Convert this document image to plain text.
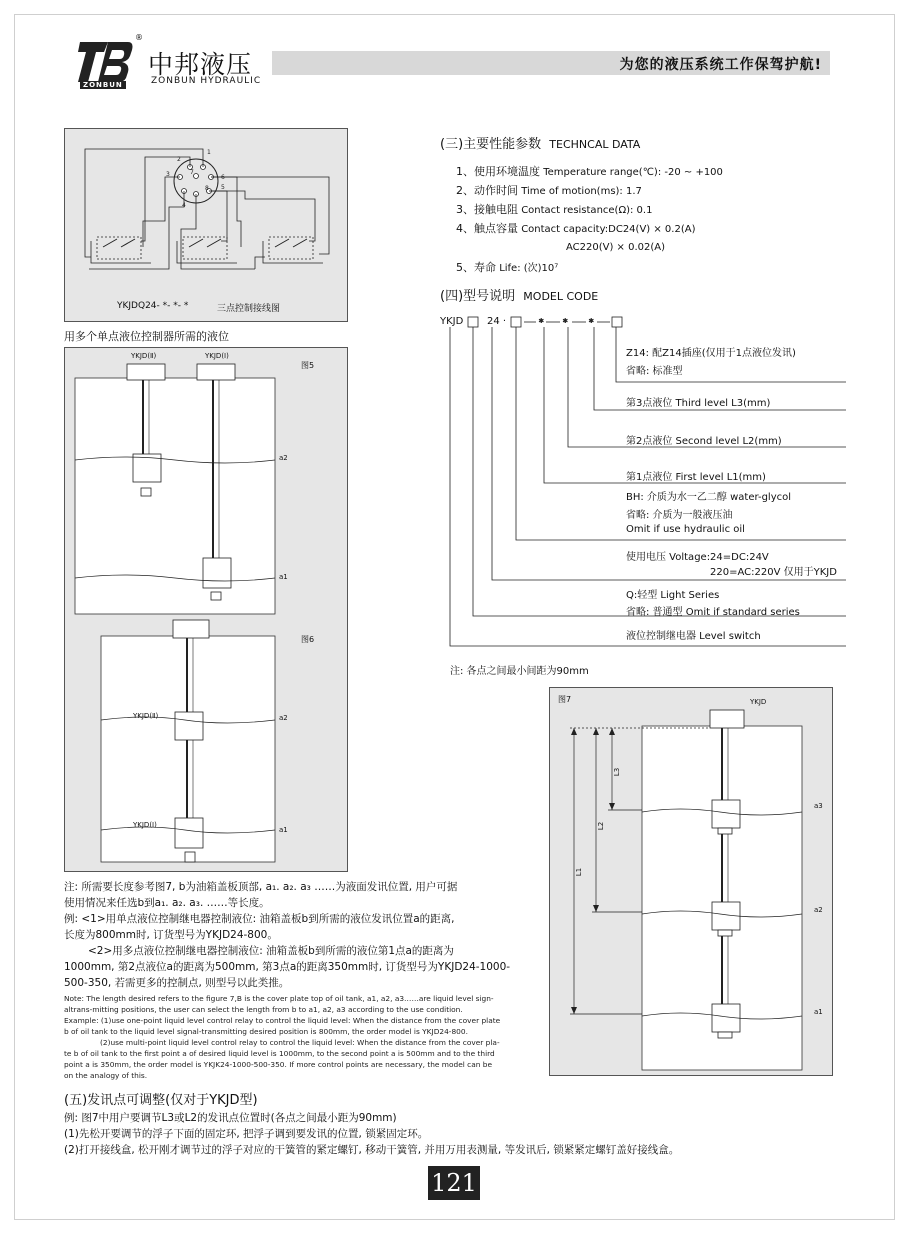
®
ZONBUN
中邦液压
ZONBUN HYDRAULIC
为您的液压系统工作保驾护航!
1
2
3
4
5
6
7
8
YKJDQ24- *- *- *	三点控制接线图
用多个单点液位控制器所需的液位
YKJD(Ⅱ)	YKJD(Ⅰ)
图5
a2
a1
图6
YKJD(Ⅱ)	a2
YKJD(Ⅰ)
a1
(三)主要性能参数 TECHNCAL DATA
1、使用环境温度 Temperature range(℃): -20 ~ +100
2、动作时间 Time of motion(ms): 1.7
3、接触电阻 Contact resistance(Ω): 0.1
4、触点容量 Contact capacity:DC24(V) × 0.2(A)
AC220(V) × 0.02(A)
5、寿命 Life: (次)10⁷
(四)型号说明 MODEL CODE
YKJD 24 ·	* * *
Z14: 配Z14插座(仅用于1点液位发讯)
省略: 标准型
第3点液位 Third level L3(mm)
第2点液位 Second level L2(mm)
第1点液位 First level L1(mm)
BH: 介质为水一乙二醇 water-glycol
省略: 介质为一般液压油
Omit if use hydraulic oil
使用电压 Voltage:24=DC:24V
220=AC:220V 仅用于YKJD
Q:轻型 Light Series
省略: 普通型 Omit if standard series
液位控制继电器 Level switch
注: 各点之间最小间距为90mm
图7	YKJD
L3
L2
L1
a3
a2
a1
注: 所需要长度参考图7, b为油箱盖板顶部, a₁. a₂. a₃ ……为液面发讯位置, 用户可据
使用情况来任选b到a₁. a₂. a₃. ……等长度。
例: <1>用单点液位控制继电器控制液位: 油箱盖板b到所需的液位发讯位置a的距离,
长度为800mm时, 订货型号为YKJD24-800。
<2>用多点液位控制继电器控制液位: 油箱盖板b到所需的液位第1点a的距离为
1000mm, 第2点液位a的距离为500mm, 第3点a的距离350mm时, 订货型号为YKJD24-1000-
500-350, 若需更多的控制点, 则型号以此类推。
Note: The length desired refers to the figure 7,B is the cover plate top of oil tank, a1, a2, a3……are liquid level sign-
altrans-mitting positions, the user can select the length from b to a1, a2, a3 according to the use condition.
Example: (1)use one-point liquid level control relay to control the liquid level: When the distance from the cover plate
b of oil tank to the liquid level signal-transmitting desired position is 800mm, the order model is YKJD24-800.
(2)use multi-point liquid level control relay to control the liquid level: When the distance from the cover pla-
te b of oil tank to the first point a of desired liquid level is 1000mm, to the second point a is 500mm and to the third
point a is 350mm, the order model is YKJK24-1000-500-350. If more control points are necessary, the model can be
on the analogy of this.
(五)发讯点可调整(仅对于YKJD型)
例: 图7中用户要调节L3或L2的发讯点位置时(各点之间最小距为90mm)
(1)先松开要调节的浮子下面的固定环, 把浮子调到要发讯的位置, 锁紧固定环。
(2)打开接线盒, 松开刚才调节过的浮子对应的干簧管的紧定螺钉, 移动干簧管, 并用万用表测量, 等发讯后, 锁紧紧定螺钉盖好接线盒。
121
